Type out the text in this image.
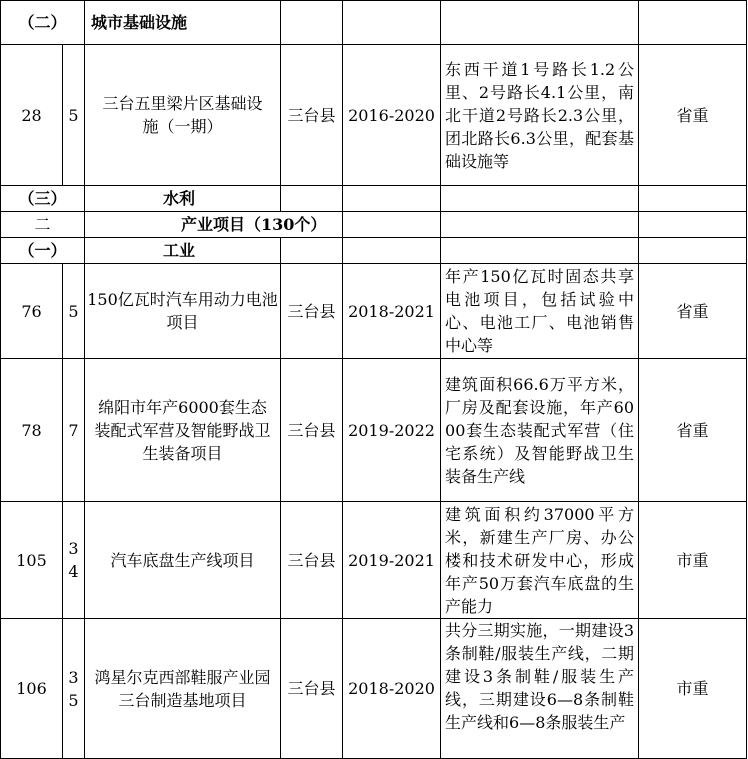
（二）		城市基础设施				
28	5	三台五里梁片区基础设施（一期）	三台县	2016-2020	东西干道1号路长1.2公里、2号路长4.1公里，南北干道2号路长2.3公里，团北路长6.3公里，配套基础设施等	省重
（三）		水利				
二		产业项目（130个）				
（一）		工业				
76	5	150亿瓦时汽车用动力电池项目	三台县	2018-2021	年产150亿瓦时固态共享电池项目，包括试验中心、电池工厂、电池销售中心等	省重
78	7	绵阳市年产6000套生态装配式军营及智能野战卫生装备项目	三台县	2019-2022	建筑面积66.6万平方米，厂房及配套设施，年产6000套生态装配式军营（住宅系统）及智能野战卫生装备生产线	省重
105	34	汽车底盘生产线项目	三台县	2019-2021	建筑面积约37000平方米，新建生产厂房、办公楼和技术研发中心，形成年产50万套汽车底盘的生产能力	市重
106	35	鸿星尔克西部鞋服产业园三台制造基地项目	三台县	2018-2020	共分三期实施，一期建设3条制鞋/服装生产线，二期建设3条制鞋/服装生产线，三期建设6—8条制鞋生产线和6—8条服装生产	市重
